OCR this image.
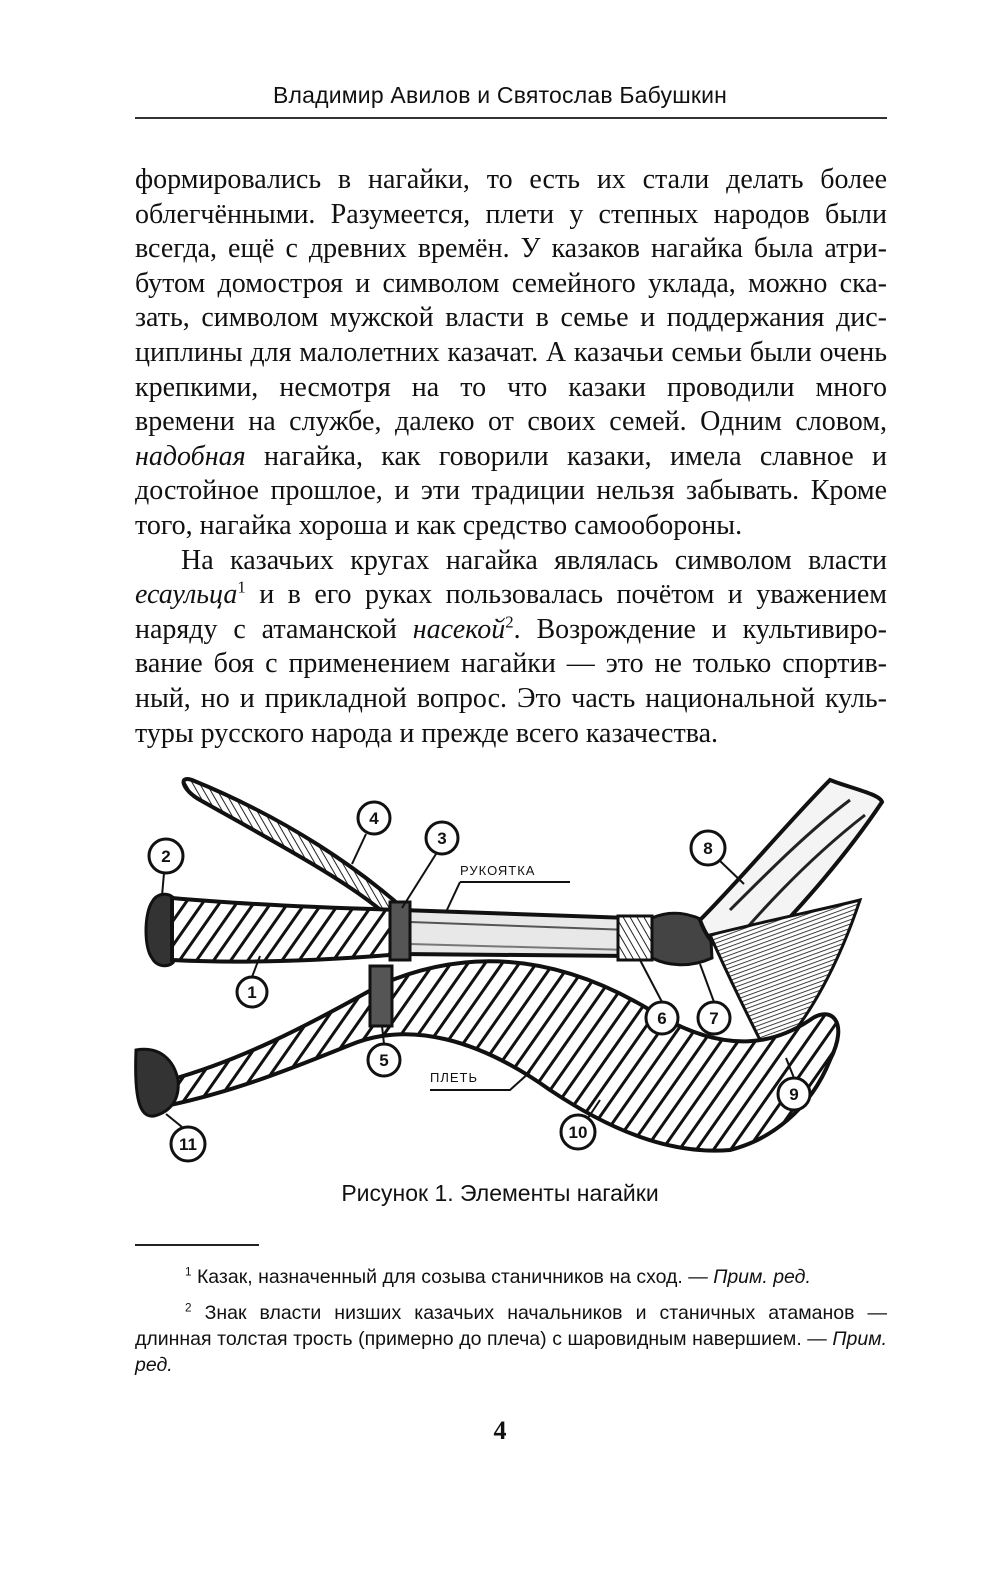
Владимир Авилов и Святослав Бабушкин

формировались в нагайки, то есть их стали делать более облегчёнными. Разумеется, плети у степных народов были всегда, ещё с древних времён. У казаков нагайка была атрибутом домостроя и символом семейного уклада, можно сказать, символом мужской власти в семье и поддержания дисциплины для малолетних казачат. А казачьи семьи были очень крепкими, несмотря на то что казаки проводили много времени на службе, далеко от своих семей. Одним словом, надобная нагайка, как говорили казаки, имела славное и достойное прошлое, и эти традиции нельзя забывать. Кроме того, нагайка хороша и как средство самообороны.

На казачьих кругах нагайка являлась символом власти есаульца$^1$ и в его руках пользовалась почётом и уважением наряду с атаманской насекой$^2$. Возрождение и культивирование боя с применением нагайки — это не только спортивный, но и прикладной вопрос. Это часть национальной культуры русского народа и прежде всего казачества.

РУКОЯТКА
ПЛЕТЬ
1
2
3
4
5
6	7
8
9
10
11
Рисунок 1. Элементы нагайки

$^1$ Казак, назначенный для созыва станичников на сход. — Прим. ред.

$^2$ Знак власти низших казачьих начальников и станичных атаманов — длинная толстая трость (примерно до плеча) с шаровидным навершием. — Прим. ред.

4
